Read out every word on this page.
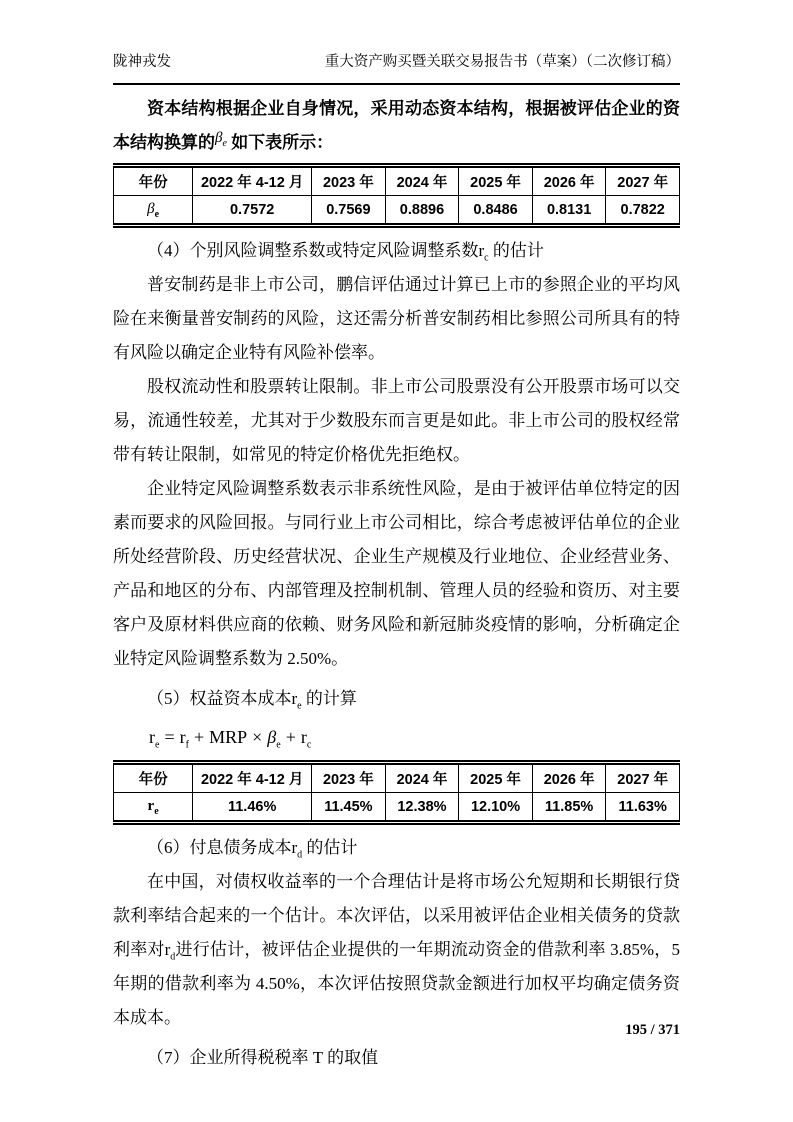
陇神戎发	重大资产购买暨关联交易报告书（草案）（二次修订稿）

资本结构根据企业自身情况，采用动态资本结构，根据被评估企业的资本结构换算的$\beta_e$ 如下表所示：

年份	2022 年 4-12 月	2023 年	2024 年	2025 年	2026 年	2027 年
$\beta_e$	0.7572	0.7569	0.8896	0.8486	0.8131	0.7822

（4）个别风险调整系数或特定风险调整系数$r_c$ 的估计

普安制药是非上市公司，鹏信评估通过计算已上市的参照企业的平均风险在来衡量普安制药的风险，这还需分析普安制药相比参照公司所具有的特有风险以确定企业特有风险补偿率。

股权流动性和股票转让限制。非上市公司股票没有公开股票市场可以交易，流通性较差，尤其对于少数股东而言更是如此。非上市公司的股权经常带有转让限制，如常见的特定价格优先拒绝权。

企业特定风险调整系数表示非系统性风险，是由于被评估单位特定的因素而要求的风险回报。与同行业上市公司相比，综合考虑被评估单位的企业所处经营阶段、历史经营状况、企业生产规模及行业地位、企业经营业务、产品和地区的分布、内部管理及控制机制、管理人员的经验和资历、对主要客户及原材料供应商的依赖、财务风险和新冠肺炎疫情的影响，分析确定企业特定风险调整系数为 2.50%。

（5）权益资本成本$r_e$ 的计算

$r_e = r_f$ + MRP × $\beta_e + r_c$

年份	2022 年 4-12 月	2023 年	2024 年	2025 年	2026 年	2027 年
$r_e$	11.46%	11.45%	12.38%	12.10%	11.85%	11.63%

（6）付息债务成本$r_d$ 的估计

在中国，对债权收益率的一个合理估计是将市场公允短期和长期银行贷款利率结合起来的一个估计。本次评估，以采用被评估企业相关债务的贷款利率对$r_d$进行估计，被评估企业提供的一年期流动资金的借款利率 3.85%，5 年期的借款利率为 4.50%，本次评估按照贷款金额进行加权平均确定债务资本成本。

（7）企业所得税税率 T 的取值

195 / 371
